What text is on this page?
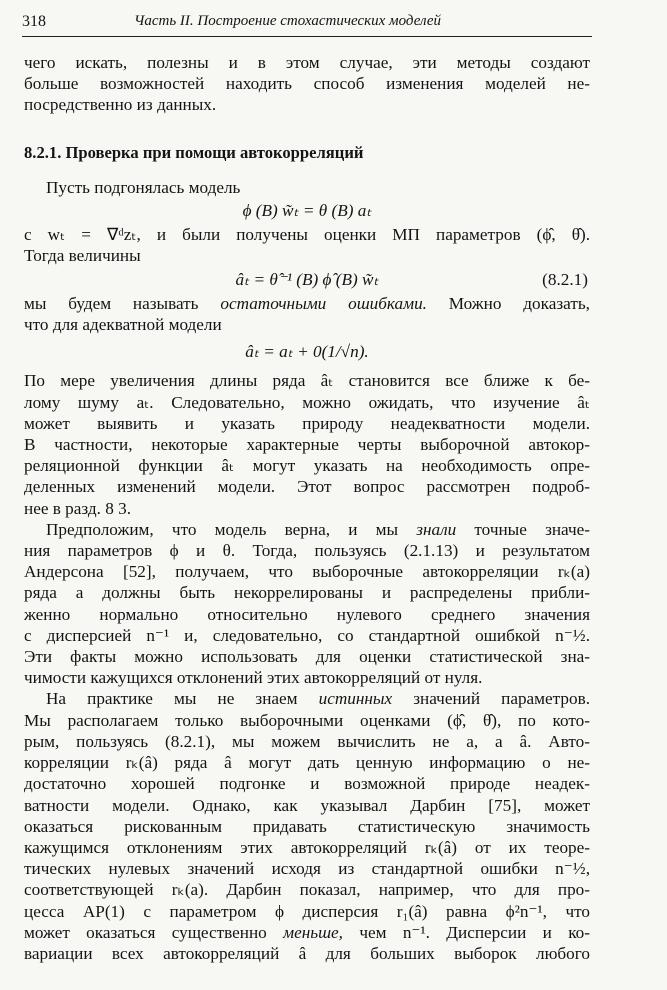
318	Часть II. Построение стохастических моделей

чего искать, полезны и в этом случае, эти методы создают

больше возможностей находить способ изменения моделей не-

посредственно из данных.

8.2.1. Проверка при помощи автокорреляций

Пусть подгонялась модель

ϕ (B) w̃ₜ = θ (B) aₜ

с wₜ = ∇ᵈzₜ, и были получены оценки МП параметров (ϕ̂, θ̂).

Тогда величины

âₜ = θ̂⁻¹ (B) ϕ̂ (B) w̃ₜ	(8.2.1)

мы будем называть остаточными ошибками. Можно доказать,

что для адекватной модели

âₜ = aₜ + 0(1/√n).

По мере увеличения длины ряда âₜ становится все ближе к бе-

лому шуму aₜ. Следовательно, можно ожидать, что изучение âₜ

может выявить и указать природу неадекватности модели.

В частности, некоторые характерные черты выборочной автокор-

реляционной функции âₜ могут указать на необходимость опре-

деленных изменений модели. Этот вопрос рассмотрен подроб-

нее в разд. 8 3.

Предположим, что модель верна, и мы знали точные значе-

ния параметров ϕ и θ. Тогда, пользуясь (2.1.13) и результатом

Андерсона [52], получаем, что выборочные автокорреляции rₖ(a)

ряда a должны быть некоррелированы и распределены прибли-

женно нормально относительно нулевого среднего значения

с дисперсией n⁻¹ и, следовательно, со стандартной ошибкой n⁻½.

Эти факты можно использовать для оценки статистической зна-

чимости кажущихся отклонений этих автокорреляций от нуля.

На практике мы не знаем истинных значений параметров.

Мы располагаем только выборочными оценками (ϕ̂, θ̂), по кото-

рым, пользуясь (8.2.1), мы можем вычислить не a, а â. Авто-

корреляции rₖ(â) ряда â могут дать ценную информацию о не-

достаточно хорошей подгонке и возможной природе неадек-

ватности модели. Однако, как указывал Дарбин [75], может

оказаться рискованным придавать статистическую значимость

кажущимся отклонениям этих автокорреляций rₖ(â) от их теоре-

тических нулевых значений исходя из стандартной ошибки n⁻½,

соответствующей rₖ(a). Дарбин показал, например, что для про-

цесса АР(1) с параметром ϕ дисперсия r₁(â) равна ϕ²n⁻¹, что

может оказаться существенно меньше, чем n⁻¹. Дисперсии и ко-

вариации всех автокорреляций â для больших выборок любого
